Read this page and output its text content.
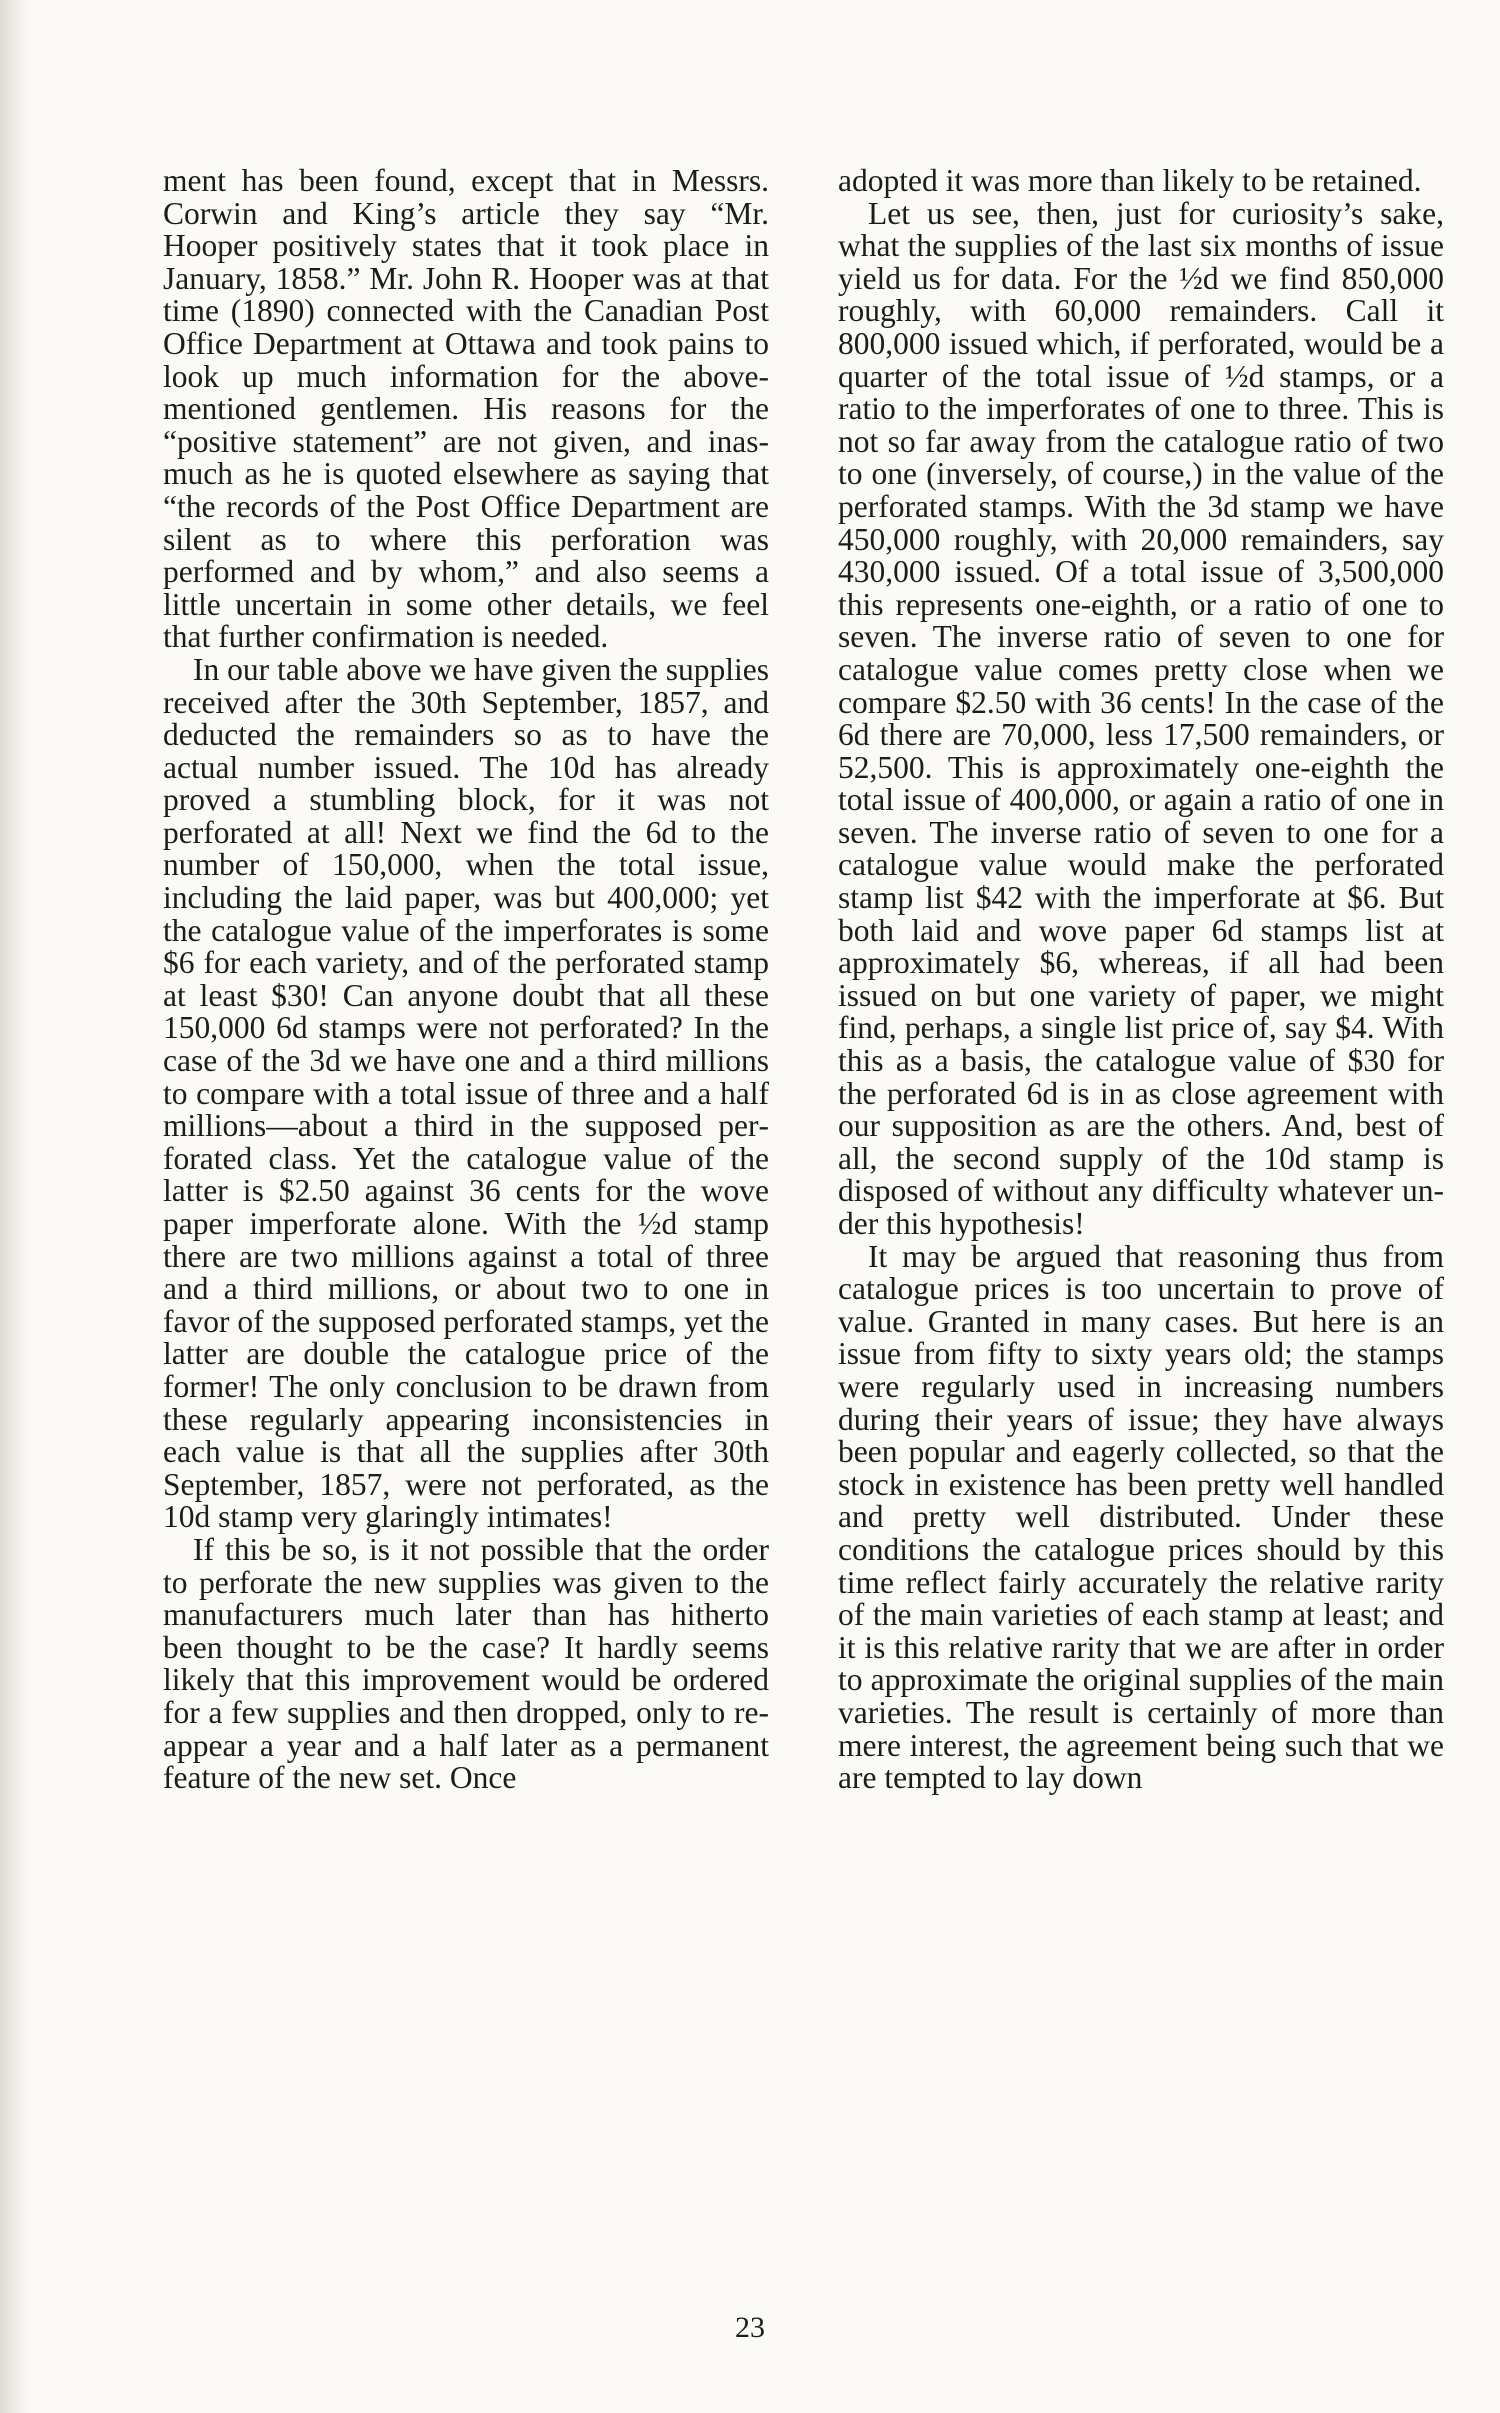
ment has been found, except that in Messrs. Corwin and King’s article they say “Mr. Hooper positively states that it took place in January, 1858.” Mr. John R. Hooper was at that time (1890) connected with the Canadian Post Office Department at Ottawa and took pains to look up much information for the above-mentioned gentlemen. His reasons for the “positive statement” are not given, and inasmuch as he is quoted elsewhere as saying that “the records of the Post Office Department are silent as to where this perforation was performed and by whom,” and also seems a little uncertain in some other details, we feel that further confirmation is needed.

In our table above we have given the supplies received after the 30th September, 1857, and deducted the remainders so as to have the actual number issued. The 10d has already proved a stumbling block, for it was not perforated at all! Next we find the 6d to the number of 150,000, when the total issue, including the laid paper, was but 400,000; yet the catalogue value of the imperforates is some $6 for each variety, and of the perforated stamp at least $30! Can anyone doubt that all these 150,000 6d stamps were not perforated? In the case of the 3d we have one and a third millions to compare with a total issue of three and a half millions—about a third in the supposed perforated class. Yet the catalogue value of the latter is $2.50 against 36 cents for the wove paper imperforate alone. With the ½d stamp there are two millions against a total of three and a third millions, or about two to one in favor of the supposed perforated stamps, yet the latter are double the catalogue price of the former! The only conclusion to be drawn from these regularly appearing inconsistencies in each value is that all the supplies after 30th September, 1857, were not perforated, as the 10d stamp very glaringly intimates!

If this be so, is it not possible that the order to perforate the new supplies was given to the manufacturers much later than has hitherto been thought to be the case? It hardly seems likely that this improvement would be ordered for a few supplies and then dropped, only to re-appear a year and a half later as a permanent feature of the new set. Once

adopted it was more than likely to be retained.

Let us see, then, just for curiosity’s sake, what the supplies of the last six months of issue yield us for data. For the ½d we find 850,000 roughly, with 60,000 remainders. Call it 800,000 issued which, if perforated, would be a quarter of the total issue of ½d stamps, or a ratio to the imperforates of one to three. This is not so far away from the catalogue ratio of two to one (inversely, of course,) in the value of the perforated stamps. With the 3d stamp we have 450,000 roughly, with 20,000 remainders, say 430,000 issued. Of a total issue of 3,500,000 this represents one-eighth, or a ratio of one to seven. The inverse ratio of seven to one for catalogue value comes pretty close when we compare $2.50 with 36 cents! In the case of the 6d there are 70,000, less 17,500 remainders, or 52,500. This is approximately one-eighth the total issue of 400,000, or again a ratio of one in seven. The inverse ratio of seven to one for a catalogue value would make the perforated stamp list $42 with the imperforate at $6. But both laid and wove paper 6d stamps list at approximately $6, whereas, if all had been issued on but one variety of paper, we might find, perhaps, a single list price of, say $4. With this as a basis, the catalogue value of $30 for the perforated 6d is in as close agreement with our supposition as are the others. And, best of all, the second supply of the 10d stamp is disposed of without any difficulty whatever under this hypothesis!

It may be argued that reasoning thus from catalogue prices is too uncertain to prove of value. Granted in many cases. But here is an issue from fifty to sixty years old; the stamps were regularly used in increasing numbers during their years of issue; they have always been popular and eagerly collected, so that the stock in existence has been pretty well handled and pretty well distributed. Under these conditions the catalogue prices should by this time reflect fairly accurately the relative rarity of the main varieties of each stamp at least; and it is this relative rarity that we are after in order to approximate the original supplies of the main varieties. The result is certainly of more than mere interest, the agreement being such that we are tempted to lay down

23
